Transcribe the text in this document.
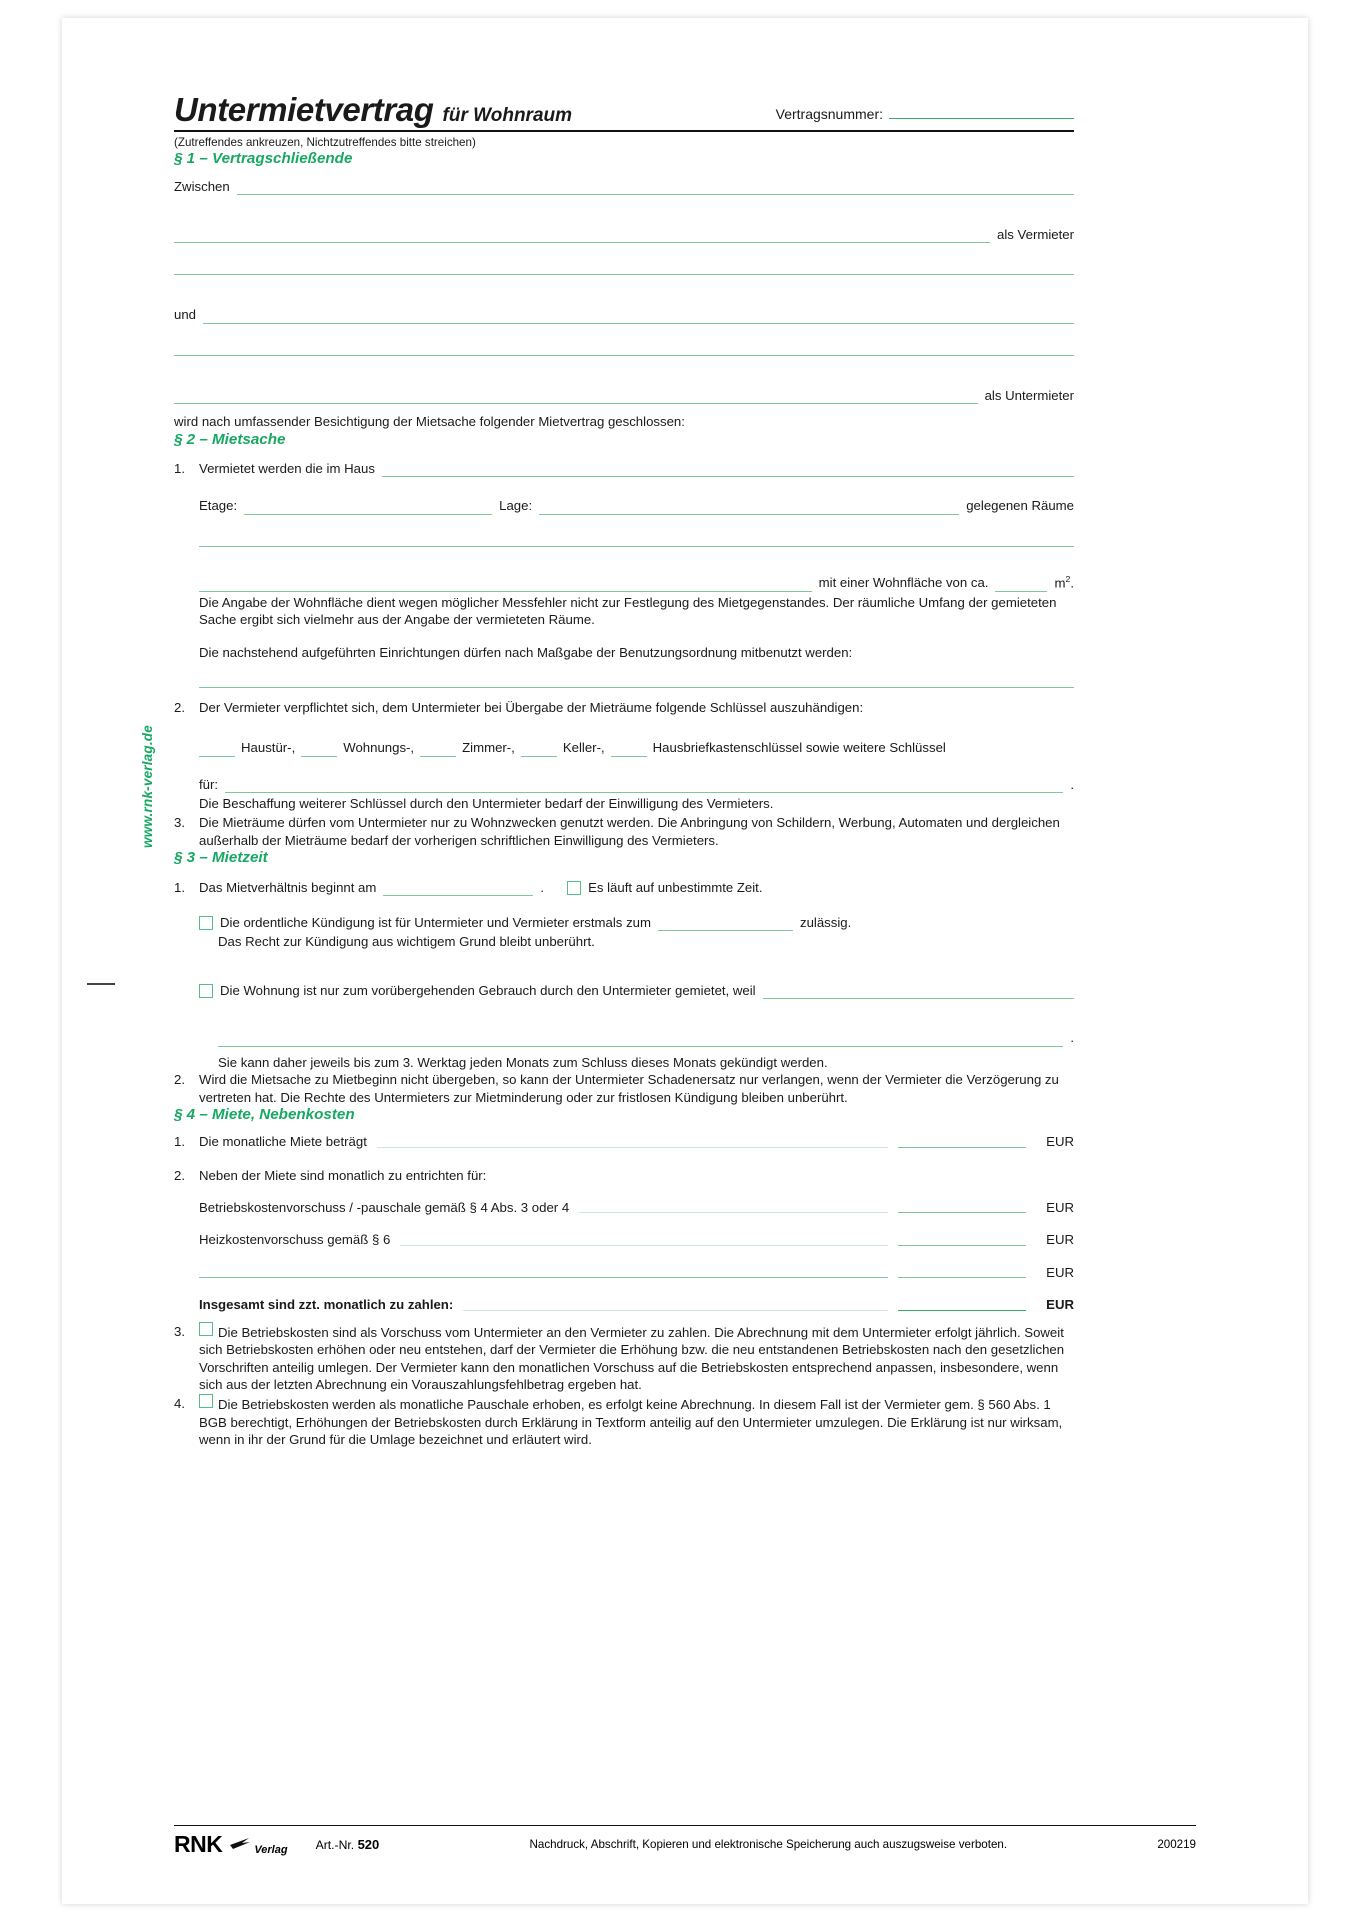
www.rnk-verlag.de
Untermietvertrag für Wohnraum	Vertragsnummer:
(Zutreffendes ankreuzen, Nichtzutreffendes bitte streichen)
§ 1 – Vertragschließende
Zwischen
als Vermieter
und
als Untermieter
wird nach umfassender Besichtigung der Mietsache folgender Mietvertrag geschlossen:
§ 2 – Mietsache
1.	Vermietet werden die im Haus
Etage:	Lage:	gelegenen Räume
mit einer Wohnfläche von ca.	$m^2$.
Die Angabe der Wohnfläche dient wegen möglicher Messfehler nicht zur Festlegung des Mietgegenstandes. Der räumliche Umfang der gemieteten Sache ergibt sich vielmehr aus der Angabe der vermieteten Räume.
Die nachstehend aufgeführten Einrichtungen dürfen nach Maßgabe der Benutzungsordnung mitbenutzt werden:
2.	Der Vermieter verpflichtet sich, dem Untermieter bei Übergabe der Mieträume folgende Schlüssel auszuhändigen:
Haustür-,	Wohnungs-,	Zimmer-,	Keller-,	Hausbriefkastenschlüssel sowie weitere Schlüssel
für:	.
Die Beschaffung weiterer Schlüssel durch den Untermieter bedarf der Einwilligung des Vermieters.
3.	Die Mieträume dürfen vom Untermieter nur zu Wohnzwecken genutzt werden. Die Anbringung von Schildern, Werbung, Automaten und dergleichen außerhalb der Mieträume bedarf der vorherigen schriftlichen Einwilligung des Vermieters.
§ 3 – Mietzeit
1.	Das Mietverhältnis beginnt am	.	Es läuft auf unbestimmte Zeit.
Die ordentliche Kündigung ist für Untermieter und Vermieter erstmals zum	zulässig.
Das Recht zur Kündigung aus wichtigem Grund bleibt unberührt.
Die Wohnung ist nur zum vorübergehenden Gebrauch durch den Untermieter gemietet, weil
.
Sie kann daher jeweils bis zum 3. Werktag jeden Monats zum Schluss dieses Monats gekündigt werden.
2.	Wird die Mietsache zu Mietbeginn nicht übergeben, so kann der Untermieter Schadenersatz nur verlangen, wenn der Vermieter die Verzögerung zu vertreten hat. Die Rechte des Untermieters zur Mietminderung oder zur fristlosen Kündigung bleiben unberührt.
§ 4 – Miete, Nebenkosten
1.	Die monatliche Miete beträgt	EUR
2.	Neben der Miete sind monatlich zu entrichten für:
Betriebskostenvorschuss / -pauschale gemäß § 4 Abs. 3 oder 4	EUR
Heizkostenvorschuss gemäß § 6	EUR
EUR
Insgesamt sind zzt. monatlich zu zahlen:	EUR
3.	Die Betriebskosten sind als Vorschuss vom Untermieter an den Vermieter zu zahlen. Die Abrechnung mit dem Untermieter erfolgt jährlich. Soweit sich Betriebskosten erhöhen oder neu entstehen, darf der Vermieter die Erhöhung bzw. die neu entstandenen Betriebskosten nach den gesetzlichen Vorschriften anteilig umlegen. Der Vermieter kann den monatlichen Vorschuss auf die Betriebskosten entsprechend anpassen, insbesondere, wenn sich aus der letzten Abrechnung ein Vorauszahlungsfehlbetrag ergeben hat.
4.	Die Betriebskosten werden als monatliche Pauschale erhoben, es erfolgt keine Abrechnung. In diesem Fall ist der Vermieter gem. § 560 Abs. 1 BGB berechtigt, Erhöhungen der Betriebskosten durch Erklärung in Textform anteilig auf den Untermieter umzulegen. Die Erklärung ist nur wirksam, wenn in ihr der Grund für die Umlage bezeichnet und erläutert wird.
RNK	Verlag Art.-Nr. 520	Nachdruck, Abschrift, Kopieren und elektronische Speicherung auch auszugsweise verboten.	200219
